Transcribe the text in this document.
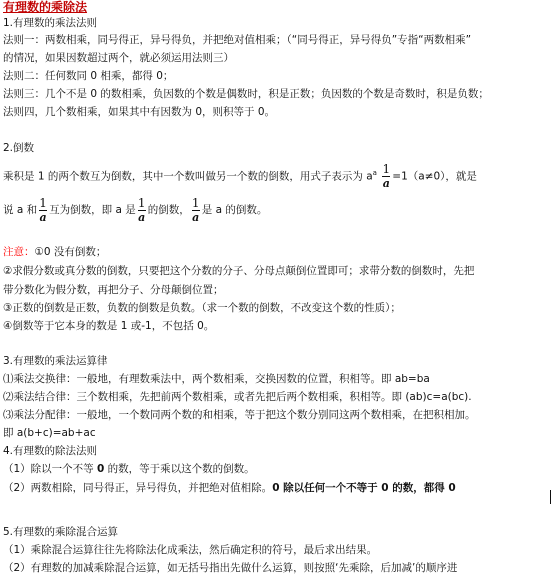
有理数的乘除法
1.有理数的乘法法则
法则一：两数相乘，同号得正，异号得负，并把绝对值相乘；（“同号得正，异号得负”专指“两数相乘”
的情况，如果因数超过两个，就必须运用法则三）
法则二：任何数同 0 相乘，都得 0；
法则三：几个不是 0 的数相乘，负因数的个数是偶数时，积是正数；负因数的个数是奇数时，积是负数；
法则四，几个数相乘，如果其中有因数为 0，则积等于 0。
2.倒数
乘积是 1 的两个数互为倒数，其中一个数叫做另一个数的倒数，用式子表示为 $a^a \frac{1}{a} =1(a\ne 0)$，就是
说 a 和 $\frac{1}{a}$ 互为倒数，即 a 是 $\frac{1}{a}$ 的倒数， $\frac{1}{a}$ 是 a 的倒数。
注意：①0 没有倒数；
②求假分数或真分数的倒数，只要把这个分数的分子、分母点颠倒位置即可；求带分数的倒数时，先把
带分数化为假分数，再把分子、分母颠倒位置；
③正数的倒数是正数，负数的倒数是负数。（求一个数的倒数，不改变这个数的性质）；
④倒数等于它本身的数是 1 或-1，不包括 0。
3.有理数的乘法运算律
⑴乘法交换律：一般地，有理数乘法中，两个数相乘，交换因数的位置，积相等。即 ab=ba
⑵乘法结合律：三个数相乘，先把前两个数相乘，或者先把后两个数相乘，积相等。即 (ab)c=a(bc).
⑶乘法分配律：一般地，一个数同两个数的和相乘，等于把这个数分别同这两个数相乘，在把积相加。
即 a(b+c)=ab+ac
4.有理数的除法法则
（1）除以一个不等 0 的数，等于乘以这个数的倒数。
（2）两数相除，同号得正，异号得负，并把绝对值相除。0 除以任何一个不等于 0 的数，都得 0
5.有理数的乘除混合运算
（1）乘除混合运算往往先将除法化成乘法，然后确定积的符号，最后求出结果。
（2）有理数的加减乘除混合运算，如无括号指出先做什么运算，则按照‘先乘除，后加减’的顺序进
